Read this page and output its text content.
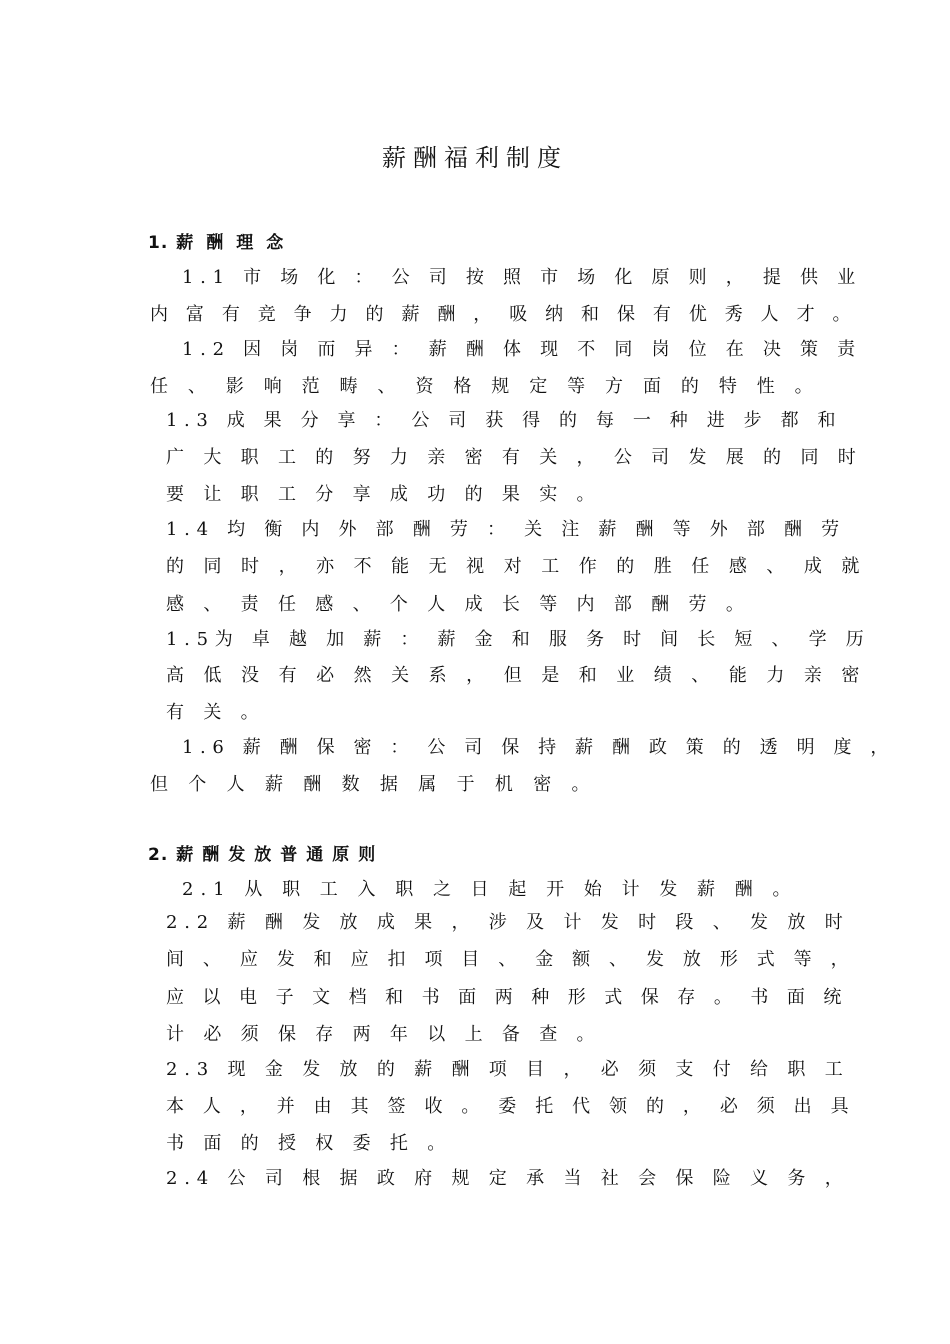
薪酬福利制度
1. 薪酬理念
1.1 市 场 化 ： 公 司 按 照 市 场 化 原 则 ， 提 供 业
内 富 有 竞 争 力 的 薪 酬 ， 吸 纳 和 保 有 优 秀 人 才 。
1.2 因 岗 而 异 ： 薪 酬 体 现 不 同 岗 位 在 决 策 责
任 、 影 响 范 畴 、 资 格 规 定 等 方 面 的 特 性 。
1.3 成 果 分 享 ： 公 司 获 得 的 每 一 种 进 步 都 和
广 大 职 工 的 努 力 亲 密 有 关 ， 公 司 发 展 的 同 时
要 让 职 工 分 享 成 功 的 果 实 。
1.4 均 衡 内 外 部 酬 劳 ： 关 注 薪 酬 等 外 部 酬 劳
的 同 时 ， 亦 不 能 无 视 对 工 作 的 胜 任 感 、 成 就
感 、 责 任 感 、 个 人 成 长 等 内 部 酬 劳 。
1.5为 卓 越 加 薪 ： 薪 金 和 服 务 时 间 长 短 、 学 历
高 低 没 有 必 然 关 系 ， 但 是 和 业 绩 、 能 力 亲 密
有 关 。
1.6 薪 酬 保 密 ： 公 司 保 持 薪 酬 政 策 的 透 明 度 ，
但 个 人 薪 酬 数 据 属 于 机 密 。
2. 薪酬发放普通原则
2.1 从 职 工 入 职 之 日 起 开 始 计 发 薪 酬 。
2.2 薪 酬 发 放 成 果 ， 涉 及 计 发 时 段 、 发 放 时
间 、 应 发 和 应 扣 项 目 、 金 额 、 发 放 形 式 等 ，
应 以 电 子 文 档 和 书 面 两 种 形 式 保 存 。 书 面 统
计 必 须 保 存 两 年 以 上 备 查 。
2.3 现 金 发 放 的 薪 酬 项 目 ， 必 须 支 付 给 职 工
本 人 ， 并 由 其 签 收 。 委 托 代 领 的 ， 必 须 出 具
书 面 的 授 权 委 托 。
2.4 公 司 根 据 政 府 规 定 承 当 社 会 保 险 义 务 ，
